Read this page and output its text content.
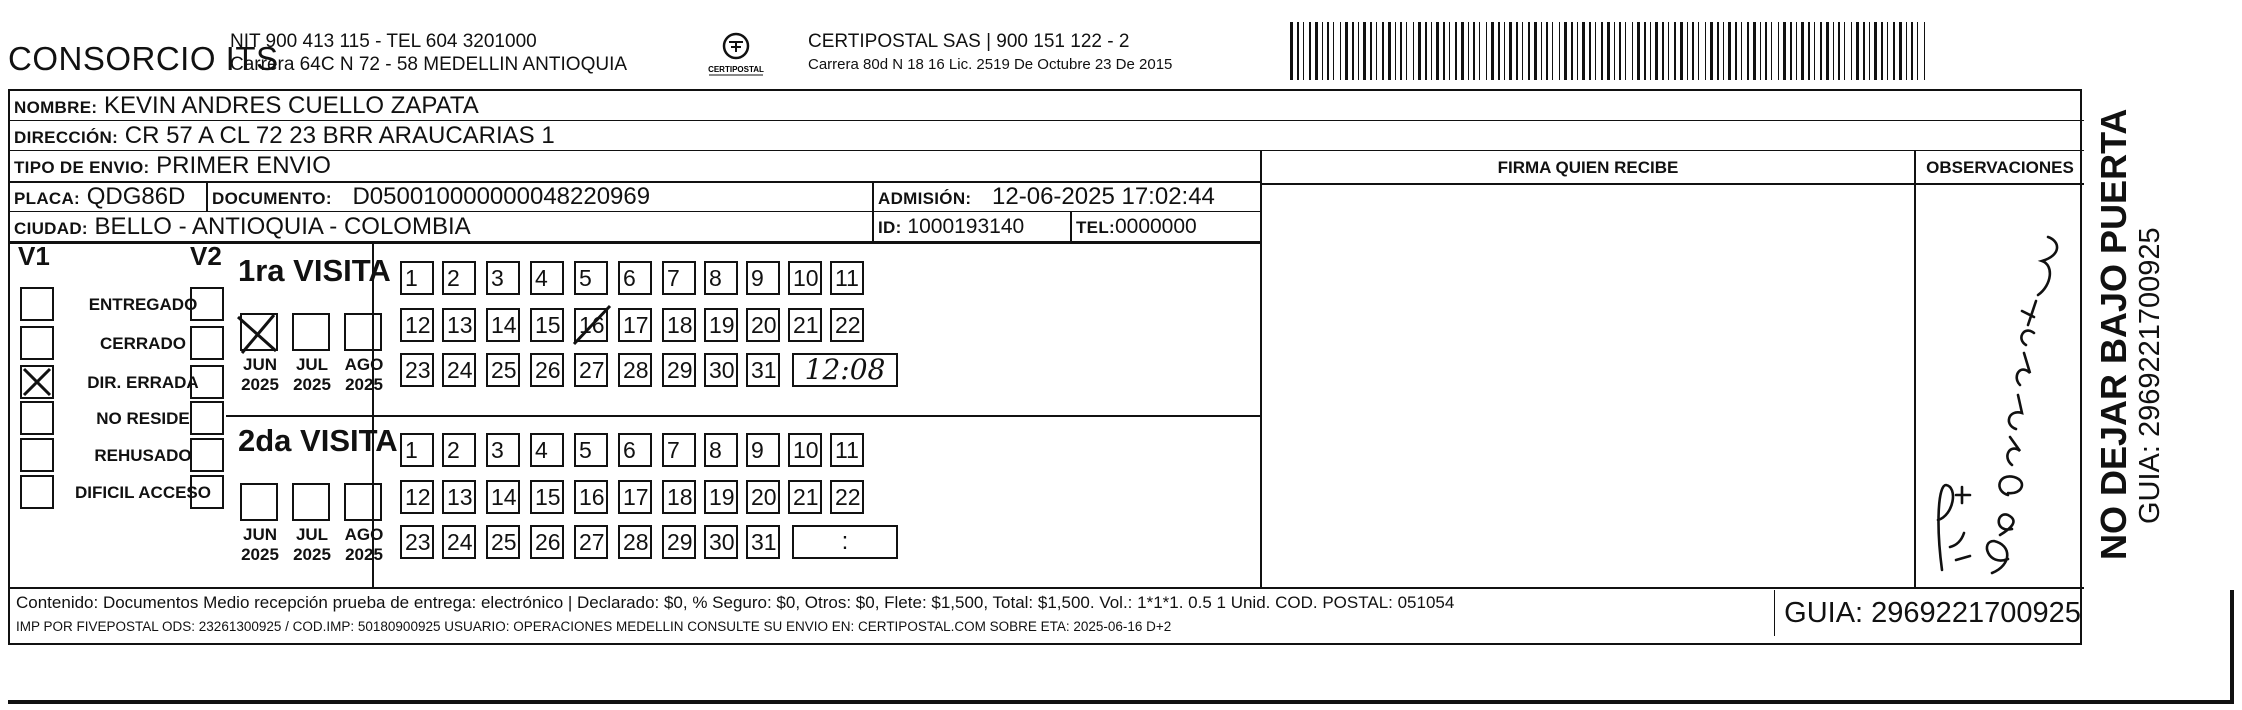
CONSORCIO ITS
NIT 900 413 115 - TEL 604 3201000
Carrera 64C N 72 - 58 MEDELLIN ANTIOQUIA	CERTIPOSTAL
CERTIPOSTAL SAS | 900 151 122 - 2
Carrera 80d N 18 16 Lic. 2519 De Octubre 23 De 2015
NOMBRE: KEVIN ANDRES CUELLO ZAPATA
DIRECCIÓN: CR 57 A CL 72 23 BRR ARAUCARIAS 1
TIPO DE ENVIO: PRIMER ENVIO
PLACA: QDG86D	DOCUMENTO: D050010000000048220969	ADMISIÓN: 12-06-2025 17:02:44
CIUDAD: BELLO - ANTIOQUIA - COLOMBIA	ID: 1000193140	TEL:0000000
FIRMA QUIEN RECIBE	OBSERVACIONES
V1	V2
ENTREGADO
CERRADO
DIR. ERRADA
NO RESIDE
REHUSADO
DIFICIL ACCESO
1ra VISITA
2da VISITA
JUN
2025
JUL
2025
AGO
2025
JUN
2025
JUL
2025
AGO
2025
1	2	3	4	5	6	7	8	9	10 11
12 13 14 15 16 17 18 19 20 21 22
23 24 25 26 27 28 29 30 31	12:08
1	2	3	4	5	6	7	8	9	10 11
12 13 14 15 16 17 18 19 20 21 22
23 24 25 26 27 28 29 30 31	:
Contenido: Documentos Medio recepción prueba de entrega: electrónico | Declarado: $0, % Seguro: $0, Otros: $0, Flete: $1,500, Total: $1,500. Vol.: 1*1*1. 0.5 1 Unid. COD. POSTAL: 051054
IMP POR FIVEPOSTAL ODS: 23261300925 / COD.IMP: 50180900925 USUARIO: OPERACIONES MEDELLIN CONSULTE SU ENVIO EN: CERTIPOSTAL.COM SOBRE ETA: 2025-06-16 D+2	GUIA: 2969221700925
NO DEJAR BAJO PUERTA GUIA: 2969221700925
